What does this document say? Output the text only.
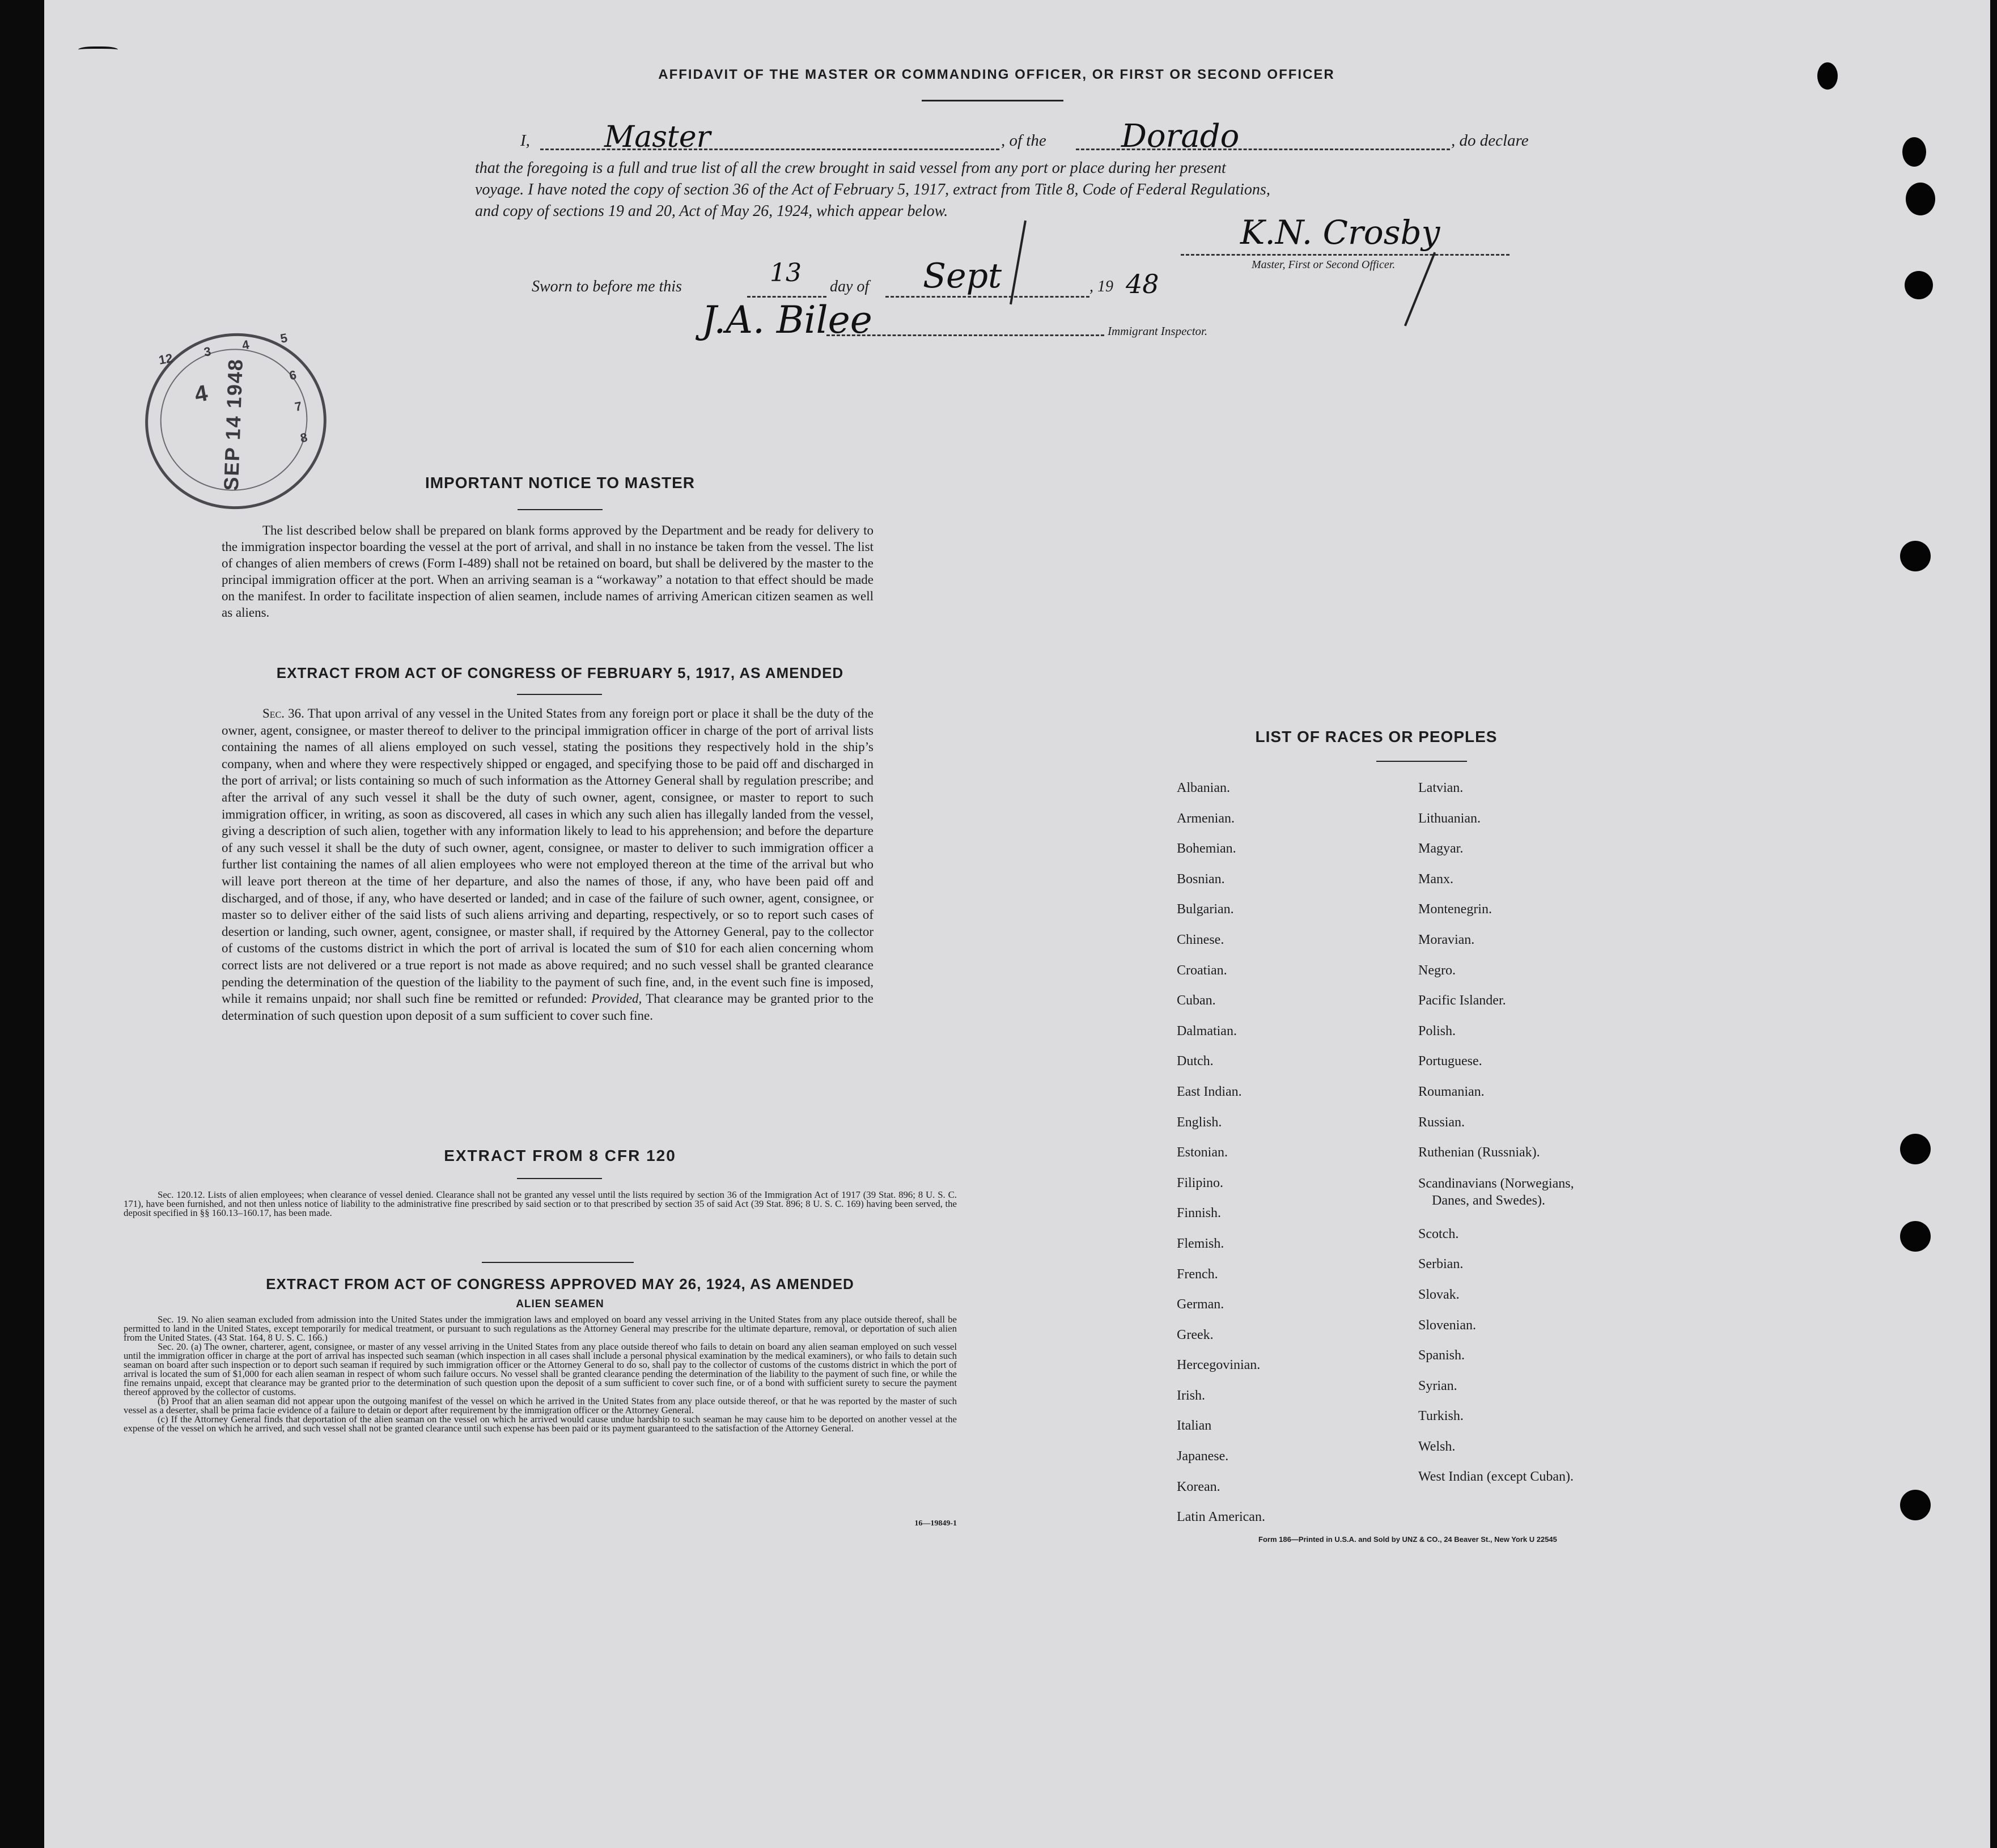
AFFIDAVIT OF THE MASTER OR COMMANDING OFFICER, OR FIRST OR SECOND OFFICER
I,	Master	, of the Dorado	, do declare
that the foregoing is a full and true list of all the crew brought in said vessel from any port or place during her present
voyage. I have noted the copy of section 36 of the Act of February 5, 1917, extract from Title 8, Code of Federal Regulations,
and copy of sections 19 and 20, Act of May 26, 1924, which appear below.
K.N. Crosby
Master, First or Second Officer.
Sworn to before me this	13 day of Sept	, 19 48
J.A. Bilee	Immigrant Inspector.
12 3 4 5
6
7
8
4 SEP 14 1948	IMPORTANT NOTICE TO MASTER
The list described below shall be prepared on blank forms approved by the Department and be ready for delivery to the immigration inspector boarding the vessel at the port of arrival, and shall in no instance be taken from the vessel. The list of changes of alien members of crews (Form I-489) shall not be retained on board, but shall be delivered by the master to the principal immigration officer at the port. When an arriving seaman is a “workaway” a notation to that effect should be made on the manifest. In order to facilitate inspection of alien seamen, include names of arriving American citizen seamen as well as aliens.
EXTRACT FROM ACT OF CONGRESS OF FEBRUARY 5, 1917, AS AMENDED
Sec. 36. That upon arrival of any vessel in the United States from any foreign port or place it shall be the duty of the owner, agent, consignee, or master thereof to deliver to the principal immigration officer in charge of the port of arrival lists containing the names of all aliens employed on such vessel, stating the positions they respectively hold in the ship’s company, when and where they were respectively shipped or engaged, and specifying those to be paid off and discharged in the port of arrival; or lists containing so much of such information as the Attorney General shall by regulation prescribe; and after the arrival of any such vessel it shall be the duty of such owner, agent, consignee, or master to report to such immigration officer, in writing, as soon as discovered, all cases in which any such alien has illegally landed from the vessel, giving a description of such alien, together with any information likely to lead to his apprehension; and before the departure of any such vessel it shall be the duty of such owner, agent, consignee, or master to deliver to such immigration officer a further list containing the names of all alien employees who were not employed thereon at the time of the arrival but who will leave port thereon at the time of her departure, and also the names of those, if any, who have been paid off and discharged, and of those, if any, who have deserted or landed; and in case of the failure of such owner, agent, consignee, or master so to deliver either of the said lists of such aliens arriving and departing, respectively, or so to report such cases of desertion or landing, such owner, agent, consignee, or master shall, if required by the Attorney General, pay to the collector of customs of the customs district in which the port of arrival is located the sum of $10 for each alien concerning whom correct lists are not delivered or a true report is not made as above required; and no such vessel shall be granted clearance pending the determination of the question of the liability to the payment of such fine, and, in the event such fine is imposed, while it remains unpaid; nor shall such fine be remitted or refunded: Provided, That clearance may be granted prior to the determination of such question upon deposit of a sum sufficient to cover such fine.
EXTRACT FROM 8 CFR 120
Sec. 120.12. Lists of alien employees; when clearance of vessel denied. Clearance shall not be granted any vessel until the lists required by section 36 of the Immigration Act of 1917 (39 Stat. 896; 8 U. S. C. 171), have been furnished, and not then unless notice of liability to the administrative fine prescribed by said section or to that prescribed by section 35 of said Act (39 Stat. 896; 8 U. S. C. 169) having been served, the deposit specified in §§ 160.13–160.17, has been made.
EXTRACT FROM ACT OF CONGRESS APPROVED MAY 26, 1924, AS AMENDED
ALIEN SEAMEN
Sec. 19. No alien seaman excluded from admission into the United States under the immigration laws and employed on board any vessel arriving in the United States from any place outside thereof, shall be permitted to land in the United States, except temporarily for medical treatment, or pursuant to such regulations as the Attorney General may prescribe for the ultimate departure, removal, or deportation of such alien from the United States. (43 Stat. 164, 8 U. S. C. 166.)
Sec. 20. (a) The owner, charterer, agent, consignee, or master of any vessel arriving in the United States from any place outside thereof who fails to detain on board any alien seaman employed on such vessel until the immigration officer in charge at the port of arrival has inspected such seaman (which inspection in all cases shall include a personal physical examination by the medical examiners), or who fails to detain such seaman on board after such inspection or to deport such seaman if required by such immigration officer or the Attorney General to do so, shall pay to the collector of customs of the customs district in which the port of arrival is located the sum of $1,000 for each alien seaman in respect of whom such failure occurs. No vessel shall be granted clearance pending the determination of the liability to the payment of such fine, or while the fine remains unpaid, except that clearance may be granted prior to the determination of such question upon the deposit of a sum sufficient to cover such fine, or of a bond with sufficient surety to secure the payment thereof approved by the collector of customs.
(b) Proof that an alien seaman did not appear upon the outgoing manifest of the vessel on which he arrived in the United States from any place outside thereof, or that he was reported by the master of such vessel as a deserter, shall be prima facie evidence of a failure to detain or deport after requirement by the immigration officer or the Attorney General.
(c) If the Attorney General finds that deportation of the alien seaman on the vessel on which he arrived would cause undue hardship to such seaman he may cause him to be deported on another vessel at the expense of the vessel on which he arrived, and such vessel shall not be granted clearance until such expense has been paid or its payment guaranteed to the satisfaction of the Attorney General.
16—19849-1
LIST OF RACES OR PEOPLES
Albanian.
Armenian.
Bohemian.
Bosnian.
Bulgarian.
Chinese.
Croatian.
Cuban.
Dalmatian.
Dutch.
East Indian.
English.
Estonian.
Filipino.
Finnish.
Flemish.
French.
German.
Greek.
Hercegovinian.
Irish.
Italian
Japanese.
Korean.
Latin American.
Latvian.
Lithuanian.
Magyar.
Manx.
Montenegrin.
Moravian.
Negro.
Pacific Islander.
Polish.
Portuguese.
Roumanian.
Russian.
Ruthenian (Russniak).
Scandinavians (Norwegians,
Danes, and Swedes).
Scotch.
Serbian.
Slovak.
Slovenian.
Spanish.
Syrian.
Turkish.
Welsh.
West Indian (except Cuban).
Form 186—Printed in U.S.A. and Sold by UNZ & CO., 24 Beaver St., New York U 22545
